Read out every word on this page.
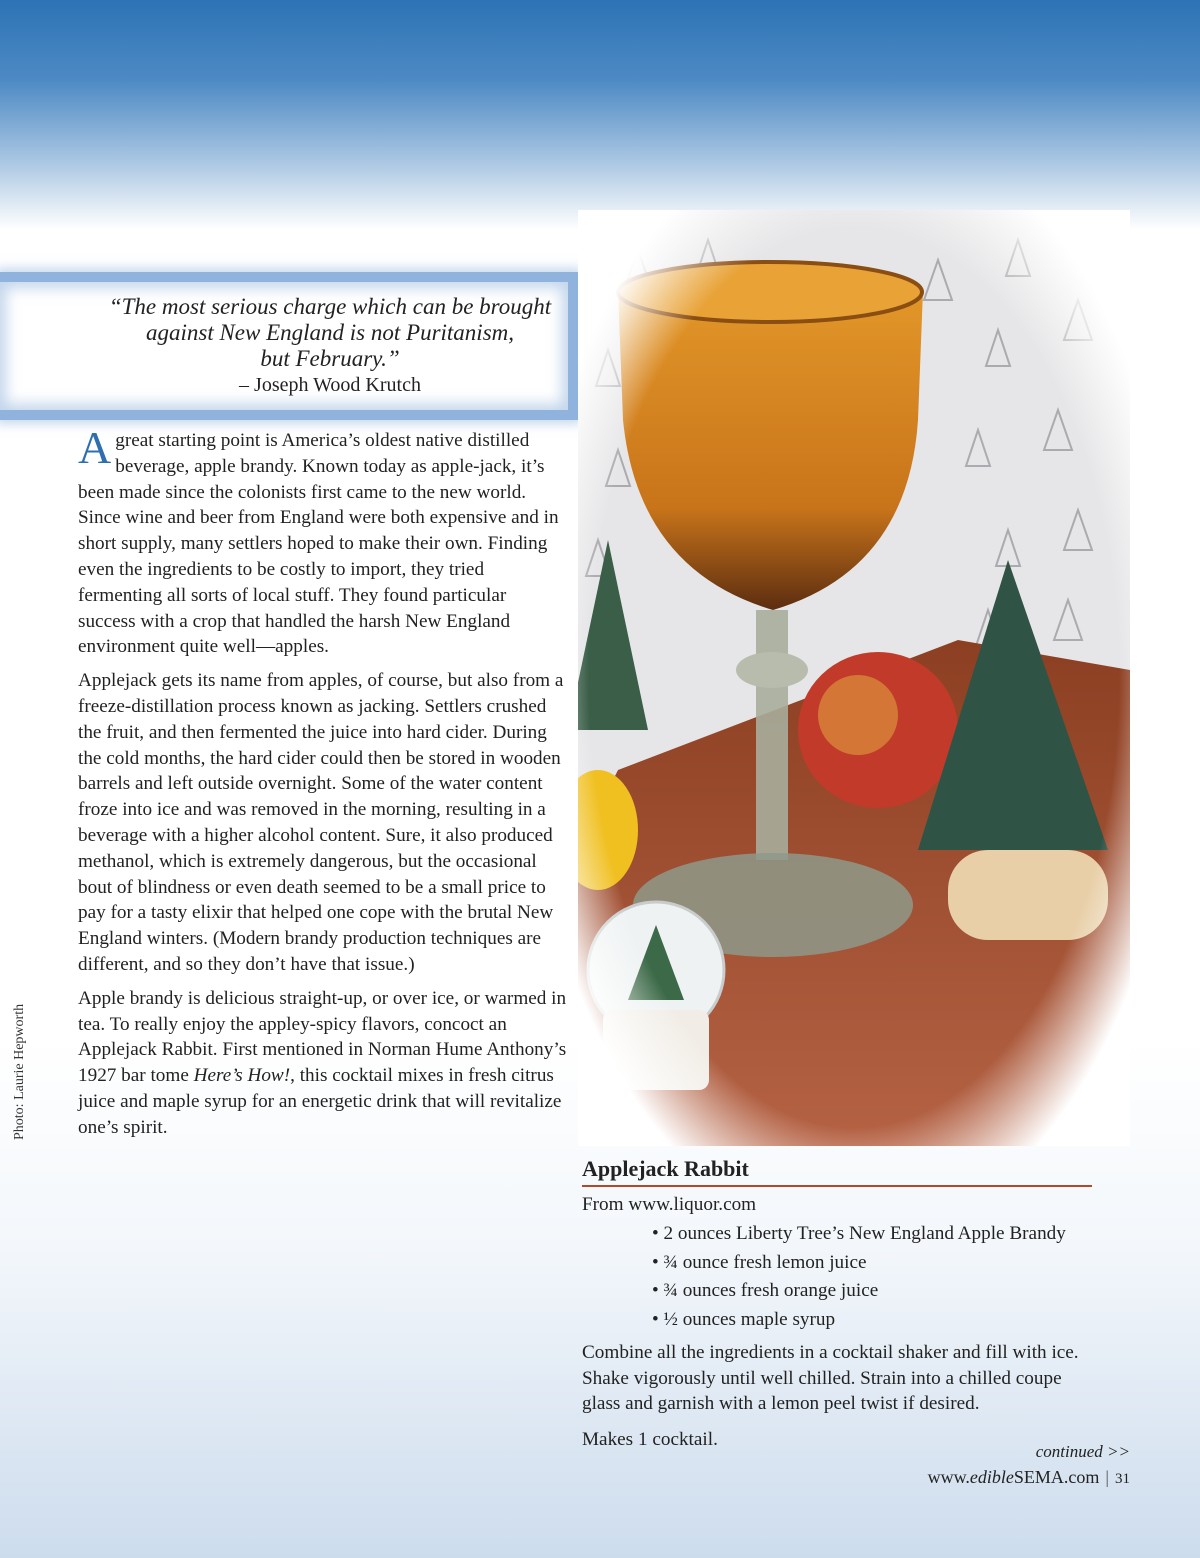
“The most serious charge which can be brought
against New England is not Puritanism,
but February.”
– Joseph Wood Krutch

Agreat starting point is America’s oldest native distilled beverage, apple brandy. Known today as apple-jack, it’s been made since the colonists first came to the new world. Since wine and beer from England were both expensive and in short supply, many settlers hoped to make their own. Finding even the ingredients to be costly to import, they tried fermenting all sorts of local stuff. They found particular success with a crop that handled the harsh New England environment quite well—apples.

Applejack gets its name from apples, of course, but also from a freeze-distillation process known as jacking. Settlers crushed the fruit, and then fermented the juice into hard cider. During the cold months, the hard cider could then be stored in wooden barrels and left outside overnight. Some of the water content froze into ice and was removed in the morning, resulting in a beverage with a higher alcohol content. Sure, it also produced methanol, which is extremely dangerous, but the occasional bout of blindness or even death seemed to be a small price to pay for a tasty elixir that helped one cope with the brutal New England winters. (Modern brandy production techniques are different, and so they don’t have that issue.)

Apple brandy is delicious straight-up, or over ice, or warmed in tea. To really enjoy the appley-spicy flavors, concoct an Applejack Rabbit. First mentioned in Norman Hume Anthony’s 1927 bar tome Here’s How!, this cocktail mixes in fresh citrus juice and maple syrup for an energetic drink that will revitalize one’s spirit.

Photo: Laurie Hepworth
Applejack Rabbit
From www.liquor.com
• 2 ounces Liberty Tree’s New England Apple Brandy
• ¾ ounce fresh lemon juice
• ¾ ounces fresh orange juice
• ½ ounces maple syrup

Combine all the ingredients in a cocktail shaker and fill with ice. Shake vigorously until well chilled. Strain into a chilled coupe glass and garnish with a lemon peel twist if desired.

Makes 1 cocktail.

continued >>
www.edibleSEMA.com | 31
